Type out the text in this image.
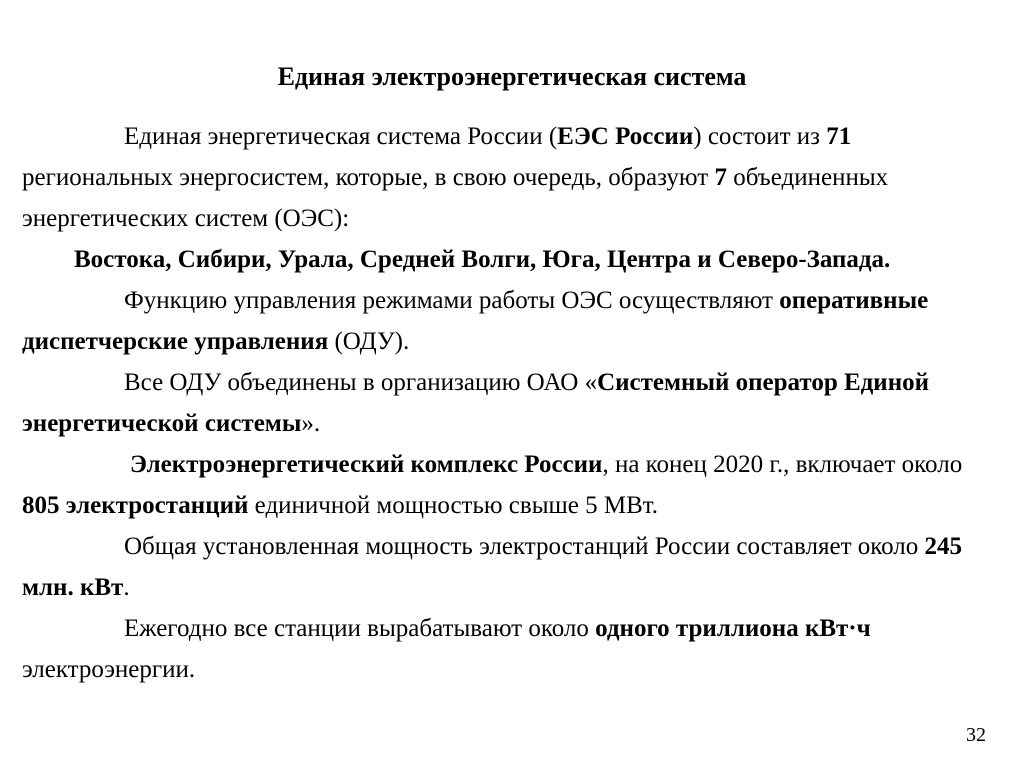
Единая электроэнергетическая система

Единая энергетическая система России (ЕЭС России) состоит из 71 региональных энергосистем, которые, в свою очередь, образуют 7 объединенных энергетических систем (ОЭС):

Востока, Сибири, Урала, Средней Волги, Юга, Центра и Северо-Запада.

Функцию управления режимами работы ОЭС осуществляют оперативные диспетчерские управления (ОДУ).

Все ОДУ объединены в организацию ОАО «Системный оператор Единой энергетической системы».

Электроэнергетический комплекс России, на конец 2020 г., включает около 805 электростанций единичной мощностью свыше 5 МВт.

Общая установленная мощность электростанций России составляет около 245 млн. кВт.

Ежегодно все станции вырабатывают около одного триллиона кВт·ч электроэнергии.

32
